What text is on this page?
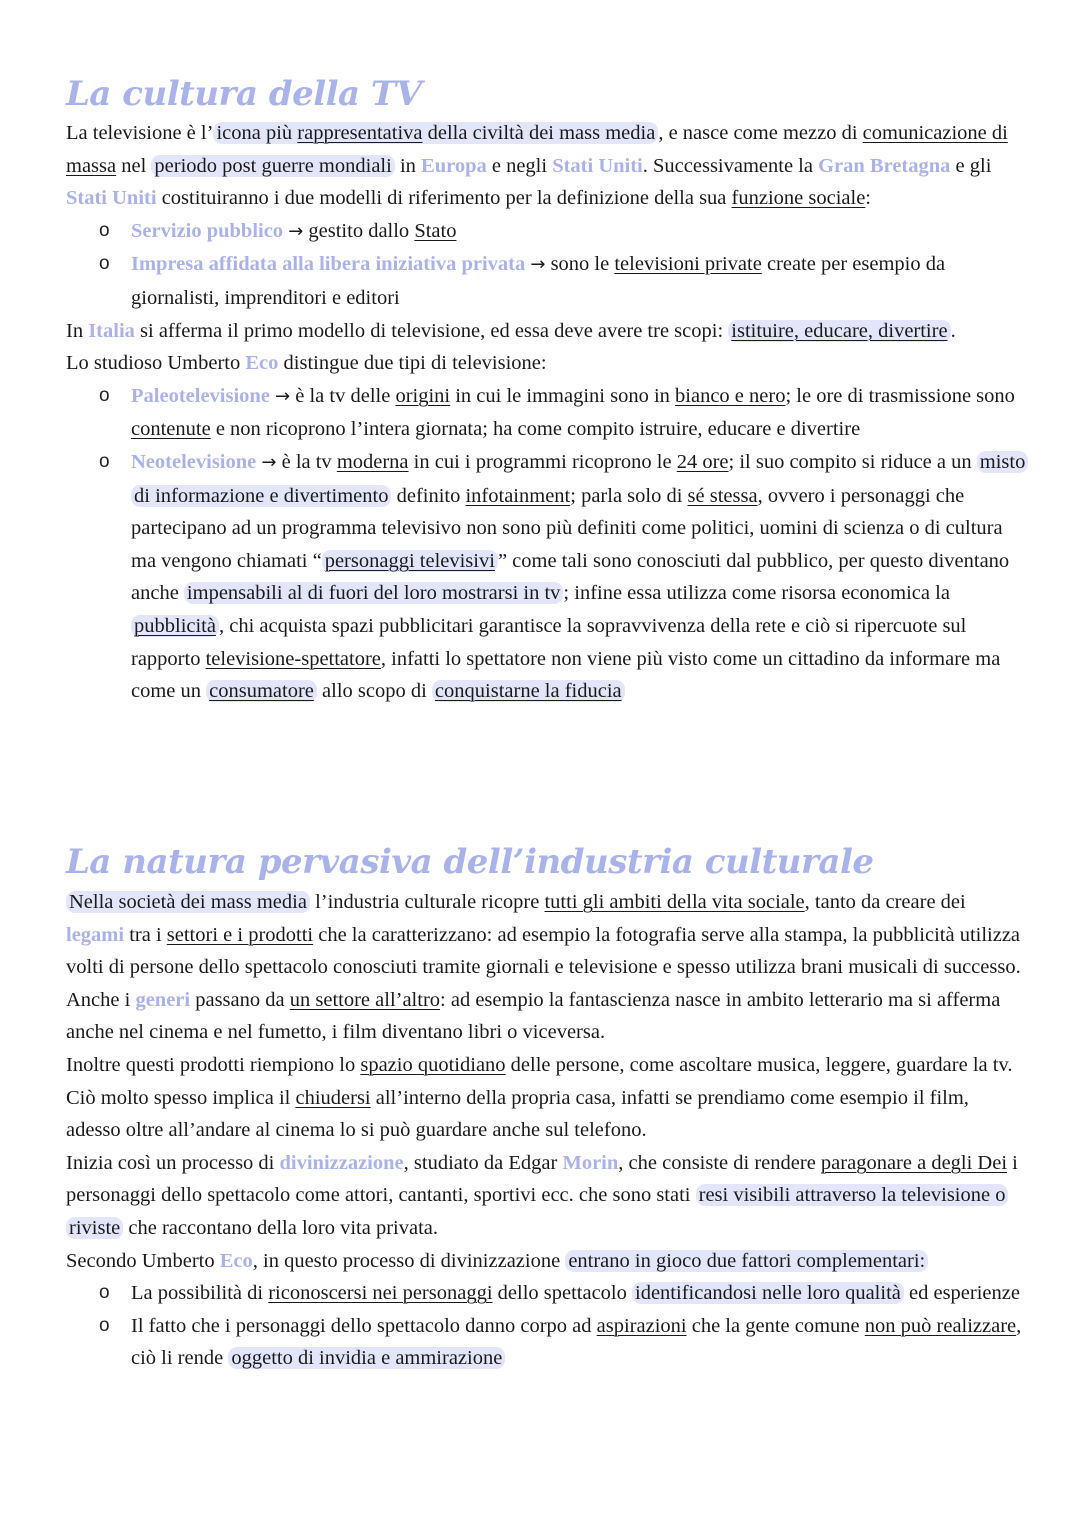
La cultura della TV

La televisione è l’ icona più rappresentativa della civiltà dei mass media , e nasce come mezzo di comunicazione di massa nel periodo post guerre mondiali in Europa e negli Stati Uniti. Successivamente la Gran Bretagna e gli Stati Uniti costituiranno i due modelli di riferimento per la definizione della sua funzione sociale:

o Servizio pubblico → gestito dallo Stato
o Impresa affidata alla libera iniziativa privata → sono le televisioni private create per esempio da giornalisti, imprenditori e editori

In Italia si afferma il primo modello di televisione, ed essa deve avere tre scopi: istituire, educare, divertire .

Lo studioso Umberto Eco distingue due tipi di televisione:

o Paleotelevisione → è la tv delle origini in cui le immagini sono in bianco e nero; le ore di trasmissione sono contenute e non ricoprono l’intera giornata; ha come compito istruire, educare e divertire
o Neotelevisione → è la tv moderna in cui i programmi ricoprono le 24 ore; il suo compito si riduce a un misto di informazione e divertimento definito infotainment; parla solo di sé stessa, ovvero i personaggi che partecipano ad un programma televisivo non sono più definiti come politici, uomini di scienza o di cultura ma vengono chiamati “ personaggi televisivi ” come tali sono conosciuti dal pubblico, per questo diventano anche impensabili al di fuori del loro mostrarsi in tv ; infine essa utilizza come risorsa economica la pubblicità , chi acquista spazi pubblicitari garantisce la sopravvivenza della rete e ciò si ripercuote sul rapporto televisione-spettatore, infatti lo spettatore non viene più visto come un cittadino da informare ma come un consumatore allo scopo di conquistarne la fiducia
La natura pervasiva dell’industria culturale

Nella società dei mass media l’industria culturale ricopre tutti gli ambiti della vita sociale, tanto da creare dei legami tra i settori e i prodotti che la caratterizzano: ad esempio la fotografia serve alla stampa, la pubblicità utilizza volti di persone dello spettacolo conosciuti tramite giornali e televisione e spesso utilizza brani musicali di successo. Anche i generi passano da un settore all’altro: ad esempio la fantascienza nasce in ambito letterario ma si afferma anche nel cinema e nel fumetto, i film diventano libri o viceversa.

Inoltre questi prodotti riempiono lo spazio quotidiano delle persone, come ascoltare musica, leggere, guardare la tv. Ciò molto spesso implica il chiudersi all’interno della propria casa, infatti se prendiamo come esempio il film, adesso oltre all’andare al cinema lo si può guardare anche sul telefono.

Inizia così un processo di divinizzazione, studiato da Edgar Morin, che consiste di rendere paragonare a degli Dei i personaggi dello spettacolo come attori, cantanti, sportivi ecc. che sono stati resi visibili attraverso la televisione o riviste che raccontano della loro vita privata.

Secondo Umberto Eco, in questo processo di divinizzazione entrano in gioco due fattori complementari:

o La possibilità di riconoscersi nei personaggi dello spettacolo identificandosi nelle loro qualità ed esperienze
o Il fatto che i personaggi dello spettacolo danno corpo ad aspirazioni che la gente comune non può realizzare, ciò li rende oggetto di invidia e ammirazione
